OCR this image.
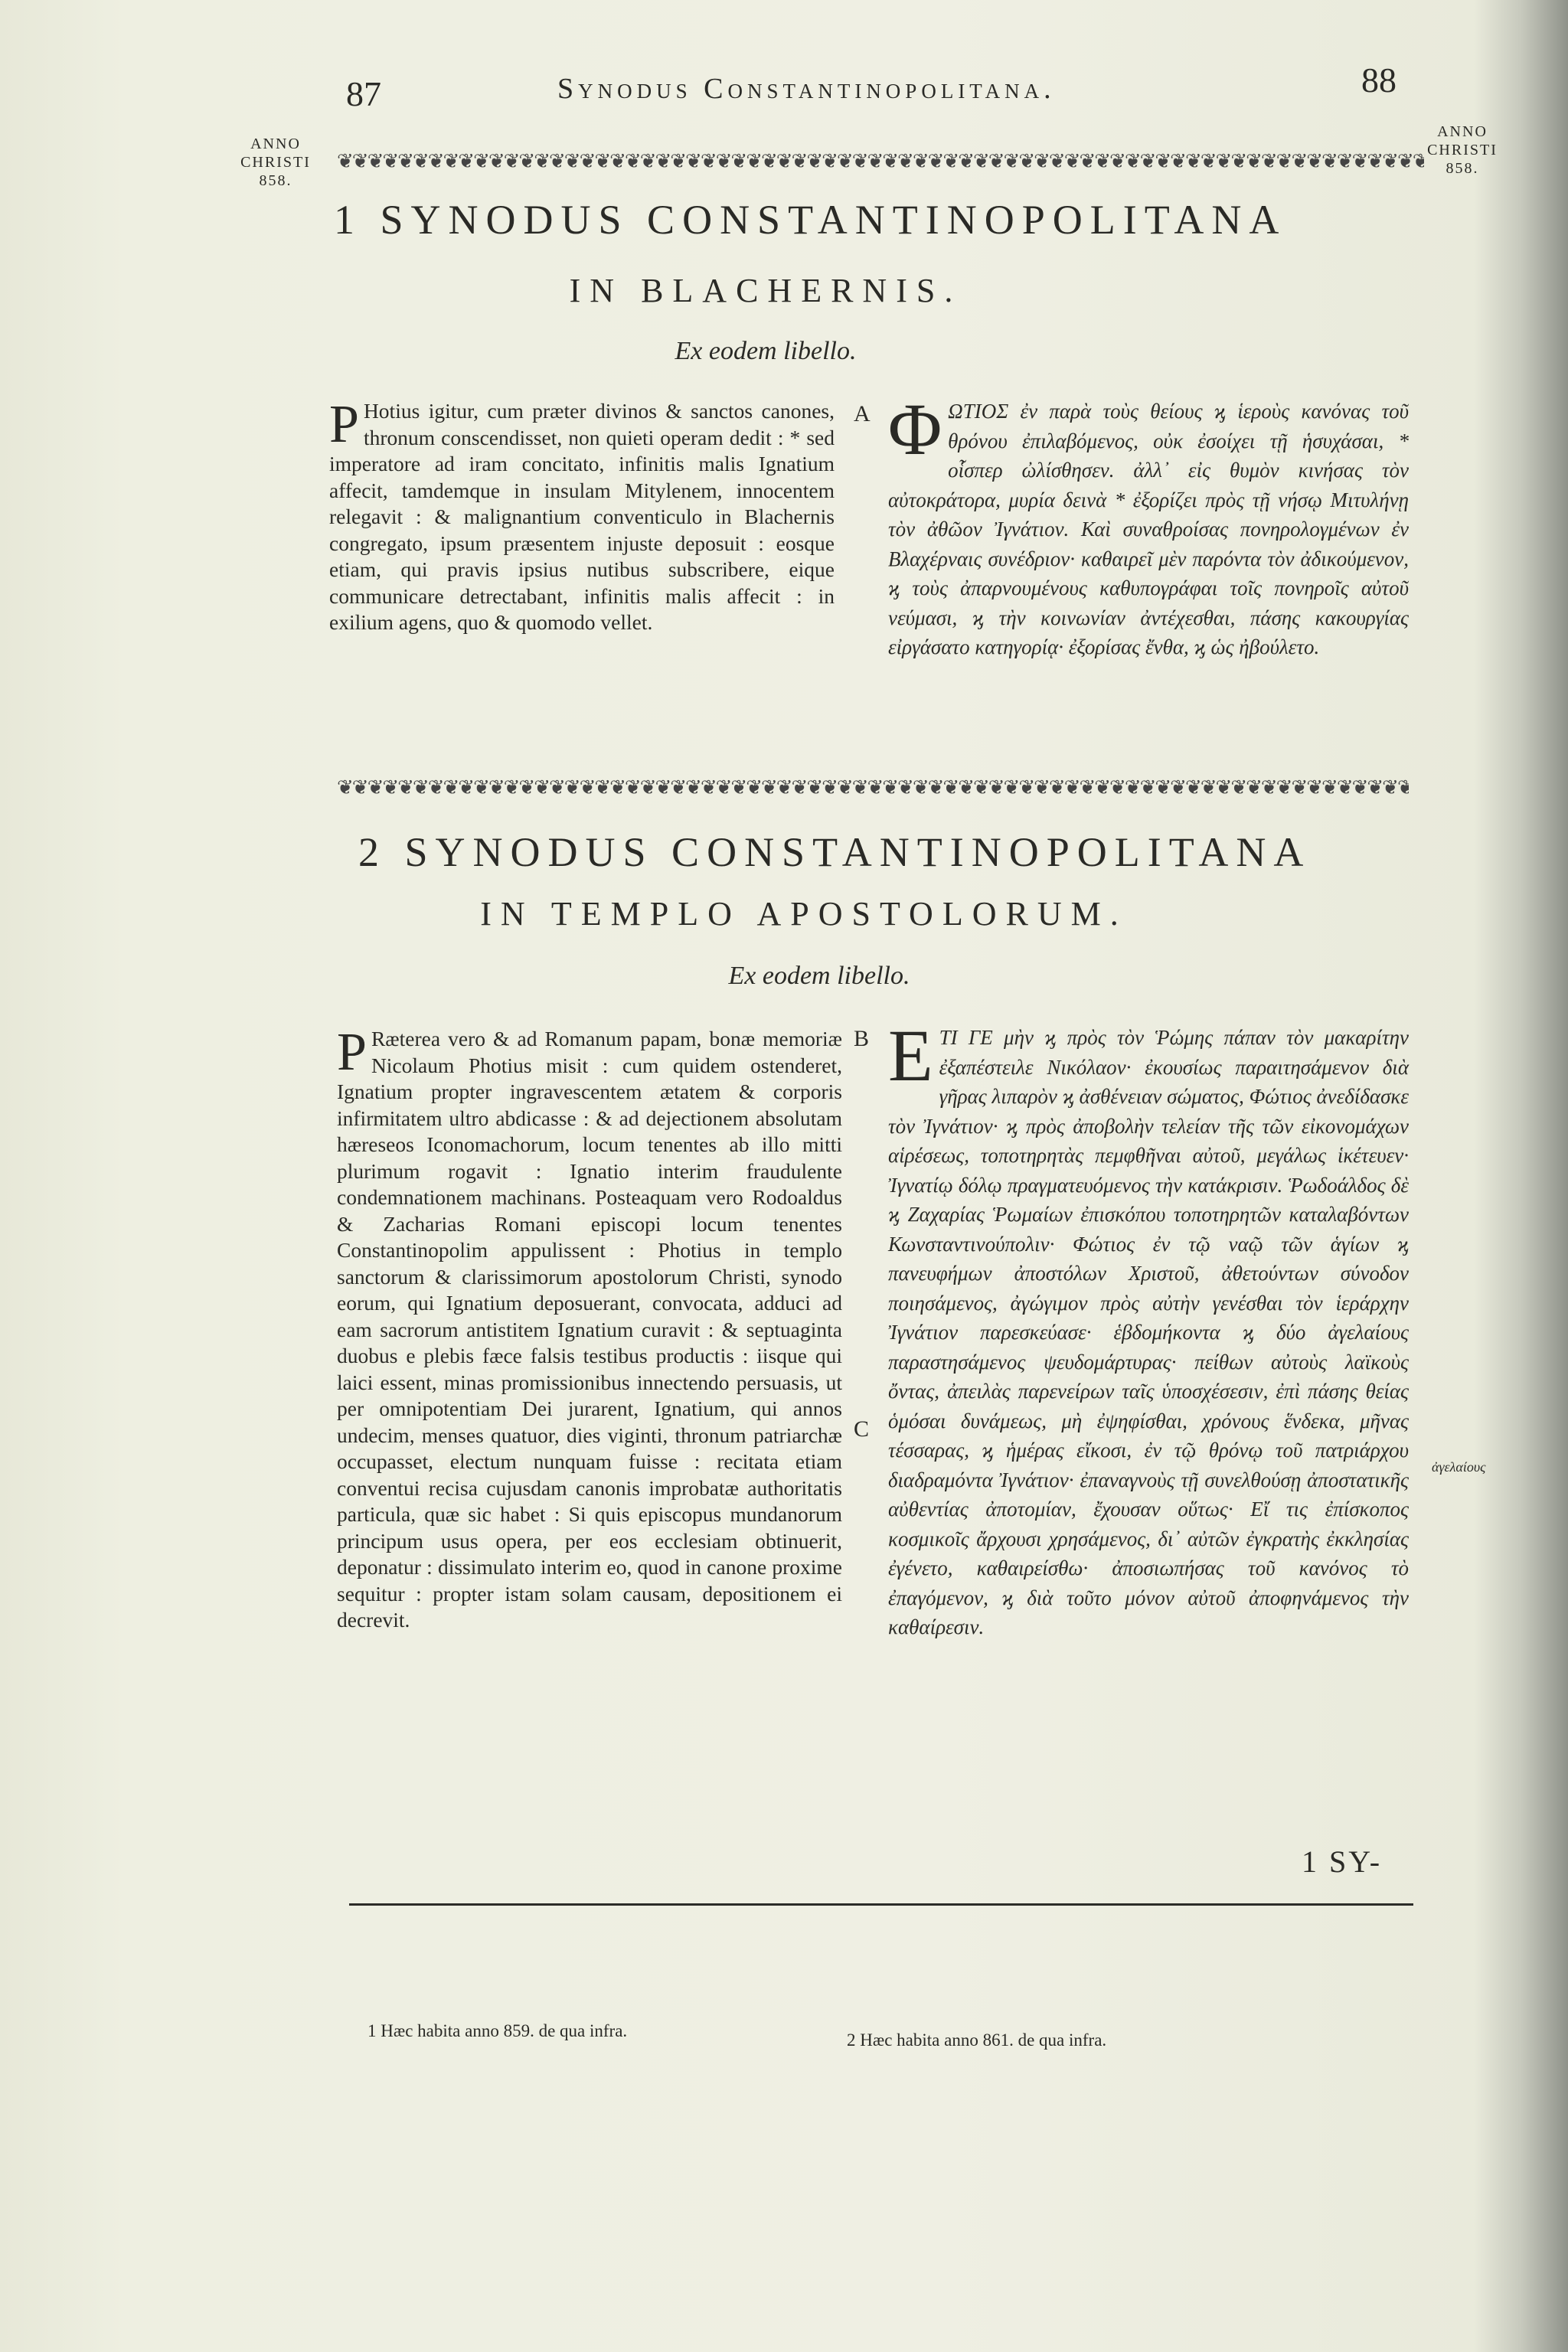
87	Synodus Constantinopolitana.	88
ANNO
CHRISTI
858.
ANNO
CHRISTI
858.
❦❦❦❦❦❦❦❦❦❦❦❦❦❦❦❦❦❦❦❦❦❦❦❦❦❦❦❦❦❦❦❦❦❦❦❦❦❦❦❦❦❦❦❦❦❦❦❦❦❦❦❦❦❦❦❦❦❦❦❦❦❦❦❦❦❦❦❦❦❦❦❦❦❦❦❦❦❦❦❦❦❦❦❦❦❦❦❦❦❦❦❦
1 SYNODUS CONSTANTINOPOLITANA
IN BLACHERNIS.
Ex eodem libello.
P Hotius igitur, cum præter divinos & sanctos canones, thronum conscendisset, non quieti operam dedit : * sed imperatore ad iram concitato, infinitis malis Ignatium affecit, tamdemque in insulam Mitylenem, innocentem relegavit : & malignantium conventiculo in Blachernis congregato, ipsum præsentem injuste deposuit : eosque etiam, qui pravis ipsius nutibus subscribere, eique communicare detrectabant, infinitis malis affecit : in exilium agens, quo & quomodo vellet.
A ΦΩΤΙΟΣ ἐν παρὰ τοὺς θείους ϗ ἱεροὺς κανόνας τοῦ θρόνου ἐπιλαβόμενος, οὐκ ἐσοίχει τῇ ἡσυχάσαι, * οἷσπερ ὠλίσθησεν. ἀλλ᾽ εἰς θυμὸν κινήσας τὸν αὐτοκράτορα, μυρία δεινὰ * ἐξορίζει πρὸς τῇ νήσῳ Μιτυλήνῃ τὸν ἀθῶον Ἰγνάτιον. Καὶ συναθροίσας πονηρολογμένων ἐν Βλαχέρναις συνέδριον· καθαιρεῖ μὲν παρόντα τὸν ἀδικούμενον, ϗ τοὺς ἀπαρνουμένους καθυπογράφαι τοῖς πονηροῖς αὐτοῦ νεύμασι, ϗ τὴν κοινωνίαν ἀντέχεσθαι, πάσης κακουργίας εἰργάσατο κατηγορίᾳ· ἐξορίσας ἔνθα, ϗ ὡς ἠβούλετο.
❦❦❦❦❦❦❦❦❦❦❦❦❦❦❦❦❦❦❦❦❦❦❦❦❦❦❦❦❦❦❦❦❦❦❦❦❦❦❦❦❦❦❦❦❦❦❦❦❦❦❦❦❦❦❦❦❦❦❦❦❦❦❦❦❦❦❦❦❦❦❦❦❦❦❦❦❦❦❦❦❦❦❦❦❦❦❦❦❦❦❦❦
2 SYNODUS CONSTANTINOPOLITANA
IN TEMPLO APOSTOLORUM.
Ex eodem libello.
P Ræterea vero & ad Romanum papam, bonæ memoriæ Nicolaum Photius misit : cum quidem ostenderet, Ignatium propter ingravescentem ætatem & corporis infirmitatem ultro abdicasse : & ad dejectionem absolutam hæreseos Iconomachorum, locum tenentes ab illo mitti plurimum rogavit : Ignatio interim fraudulente condemnationem machinans. Posteaquam vero Rodoaldus & Zacharias Romani episcopi locum tenentes Constantinopolim appulissent : Photius in templo sanctorum & clarissimorum apostolorum Christi, synodo eorum, qui Ignatium deposuerant, convocata, adduci ad eam sacrorum antistitem Ignatium curavit : & septuaginta duobus e plebis fæce falsis testibus productis : iisque qui laici essent, minas promissionibus innectendo persuasis, ut per omnipotentiam Dei jurarent, Ignatium, qui annos undecim, menses quatuor, dies viginti, thronum patriarchæ occupasset, electum nunquam fuisse : recitata etiam conventui recisa cujusdam canonis improbatæ authoritatis particula, quæ sic habet : Si quis episcopus mundanorum principum usus opera, per eos ecclesiam obtinuerit, deponatur : dissimulato interim eo, quod in canone proxime sequitur : propter istam solam causam, depositionem ei decrevit.
B
C
ΕΤΙ ΓΕ μὴν ϗ πρὸς τὸν Ῥώμης πάπαν τὸν μακαρίτην ἐξαπέστειλε Νικόλαον· ἐκουσίως παραιτησάμενον διὰ γῆρας λιπαρὸν ϗ ἀσθένειαν σώματος, Φώτιος ἀνεδίδασκε τὸν Ἰγνάτιον· ϗ πρὸς ἀποβολὴν τελείαν τῆς τῶν εἰκονομάχων αἱρέσεως, τοποτηρητὰς πεμφθῆναι αὐτοῦ, μεγάλως ἱκέτευεν· Ἰγνατίῳ δόλῳ πραγματευόμενος τὴν κατάκρισιν. Ῥωδοάλδος δὲ ϗ Ζαχαρίας Ῥωμαίων ἐπισκόπου τοποτηρητῶν καταλαβόντων Κωνσταντινούπολιν· Φώτιος ἐν τῷ ναῷ τῶν ἁγίων ϗ πανευφήμων ἀποστόλων Χριστοῦ, ἀθετούντων σύνοδον ποιησάμενος, ἀγώγιμον πρὸς αὐτὴν γενέσθαι τὸν ἱεράρχην Ἰγνάτιον παρεσκεύασε· ἑβδομήκοντα ϗ δύο ἀγελαίους παραστησάμενος ψευδομάρτυρας· πείθων αὐτοὺς λαϊκοὺς ὄντας, ἀπειλὰς παρενείρων ταῖς ὑποσχέσεσιν, ἐπὶ πάσης θείας ὁμόσαι δυνάμεως, μὴ ἐψηφίσθαι, χρόνους ἕνδεκα, μῆνας τέσσαρας, ϗ ἡμέρας εἴκοσι, ἐν τῷ θρόνῳ τοῦ πατριάρχου διαδραμόντα Ἰγνάτιον· ἐπαναγνοὺς τῇ συνελθούσῃ ἀποστατικῆς αὐθεντίας ἀποτομίαν, ἔχουσαν οὕτως· Εἴ τις ἐπίσκοπος κοσμικοῖς ἄρχουσι χρησάμενος, δι᾽ αὐτῶν ἐγκρατὴς ἐκκλησίας ἐγένετο, καθαιρείσθω· ἀποσιωπήσας τοῦ κανόνος τὸ ἐπαγόμενον, ϗ διὰ τοῦτο μόνον αὐτοῦ ἀποφηνάμενος τὴν καθαίρεσιν.
ἀγελαίους
1 SY-
1 Hæc habita anno 859. de qua infra.	2 Hæc habita anno 861. de qua infra.
